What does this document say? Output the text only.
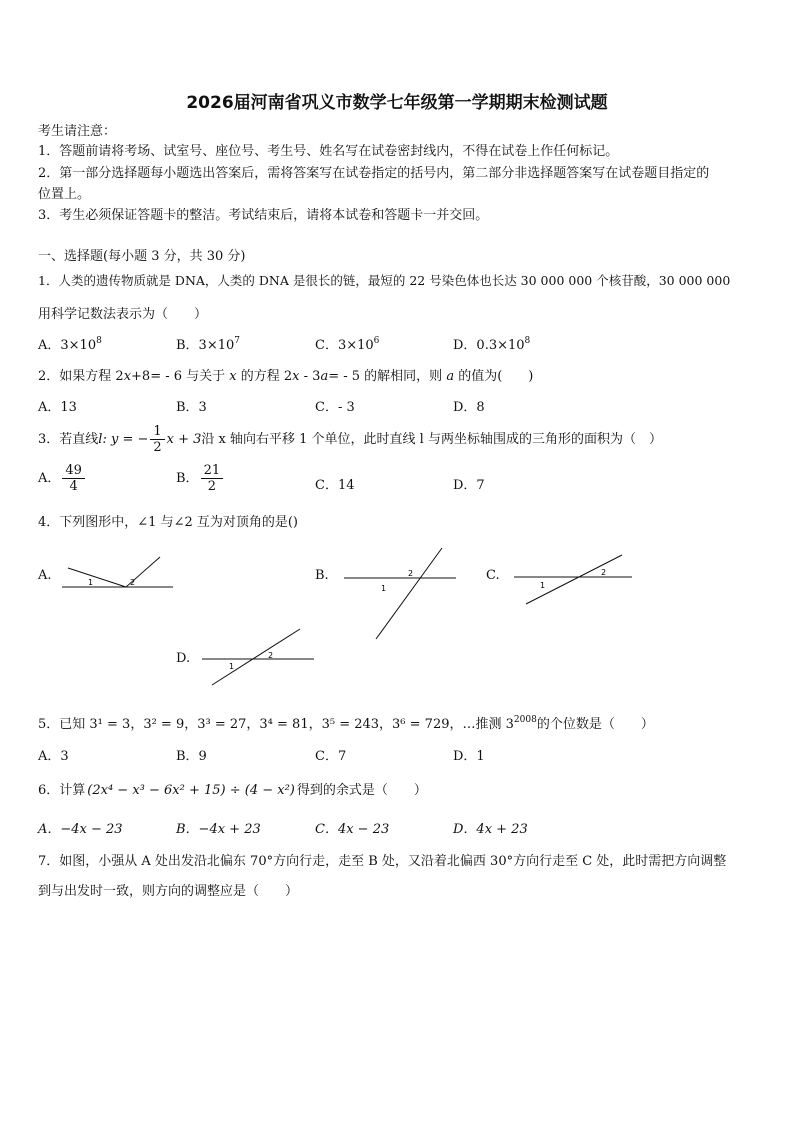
2026届河南省巩义市数学七年级第一学期期末检测试题
考生请注意：
1．答题前请将考场、试室号、座位号、考生号、姓名写在试卷密封线内，不得在试卷上作任何标记。
2．第一部分选择题每小题选出答案后，需将答案写在试卷指定的括号内，第二部分非选择题答案写在试卷题目指定的
位置上。
3．考生必须保证答题卡的整洁。考试结束后，请将本试卷和答题卡一并交回。
一、选择题(每小题 3 分，共 30 分)
1．人类的遗传物质就是 DNA，人类的 DNA 是很长的链，最短的 22 号染色体也长达 30 000 000 个核苷酸，30 000 000
用科学记数法表示为（　　）
A．$3\times 10^8$	B．$3\times 10^7$	C．$3\times 10^6$	D．$0.3\times 10^8$
2．如果方程 2x+8= - 6 与关于 x 的方程 2x - 3a= - 5 的解相同，则 a 的值为(　　)
A．13	B．3	C．- 3	D．8
3．若直线l: y = − $\frac{1}{2}$ x + 3沿 x 轴向右平移 1 个单位，此时直线 l 与两坐标轴围成的三角形的面积为（　）
A． $\frac{49}{4}$	B． $\frac{21}{2}$	C．14	D．7
4．下列图形中，∠1 与∠2 互为对顶角的是()
A.	1	2	B.	2
1
C.
1
2
D.
1
2
5．已知 3¹ = 3，3² = 9，3³ = 27，3⁴ = 81，3⁵ = 243，3⁶ = 729，…推测 $3^{2008}$的个位数是（　　）
A．3	B．9	C．7	D．1
6．计算 (2x⁴ − x³ − 6x² + 15) ÷ (4 − x²) 得到的余式是（　　）
A．−4x − 23	B．−4x + 23	C．4x − 23	D．4x + 23
7．如图，小强从 A 处出发沿北偏东 70°方向行走，走至 B 处，又沿着北偏西 30°方向行走至 C 处，此时需把方向调整
到与出发时一致，则方向的调整应是（　　）
